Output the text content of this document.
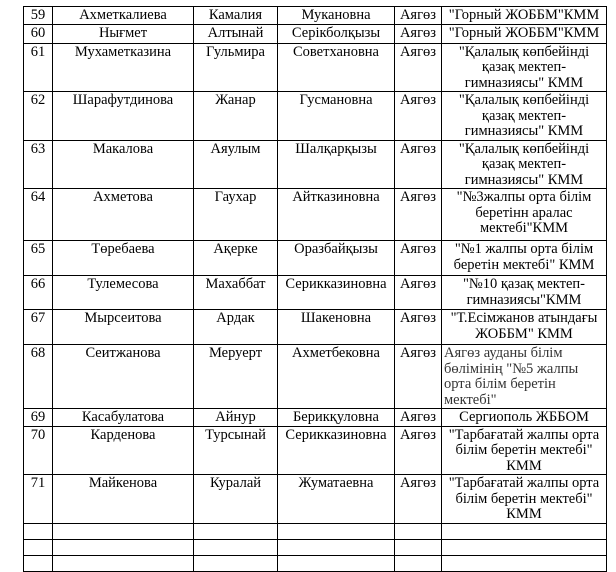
59	Ахметкалиева	Камалия	Мукановна	Аягөз	"Горный ЖОББМ"КММ
60	Нығмет	Алтынай	Серікболқызы	Аягөз	"Горный ЖОББМ"КММ
61	Мухаметказина	Гульмира	Советхановна	Аягөз	"Қалалық көпбейінді қазақ мектеп- гимназиясы" КММ
62	Шарафутдинова	Жанар	Гусмановна	Аягөз	"Қалалық көпбейінді қазақ мектеп- гимназиясы" КММ
63	Макалова	Аяулым	Шалқарқызы	Аягөз	"Қалалық көпбейінді қазақ мектеп- гимназиясы" КММ
64	Ахметова	Гаухар	Айтказиновна	Аягөз	"№3жалпы орта білім беретінн аралас мектебі"КММ
65	Төребаева	Ақерке	Оразбайқызы	Аягөз	"№1 жалпы орта білім беретін мектебі" КММ
66	Тулемесова	Махаббат	Серикказиновна	Аягөз	"№10 қазақ мектеп- гимназиясы"КММ
67	Мырсеитова	Ардак	Шакеновна	Аягөз	"Т.Есімжанов атындағы ЖОББМ" КММ
68	Сеитжанова	Меруерт	Ахметбековна	Аягөз	Аягөз ауданы білім бөлімінің "№5 жалпы орта білім беретін мектебі"
69	Касабулатова	Айнур	Берикқуловна	Аягөз	Сергиополь ЖББОМ
70	Карденова	Турсынай	Серикказиновна	Аягөз	"Тарбағатай жалпы орта білім беретін мектебі" КММ
71	Майкенова	Куралай	Жуматаевна	Аягөз	"Тарбағатай жалпы орта білім беретін мектебі" КММ
